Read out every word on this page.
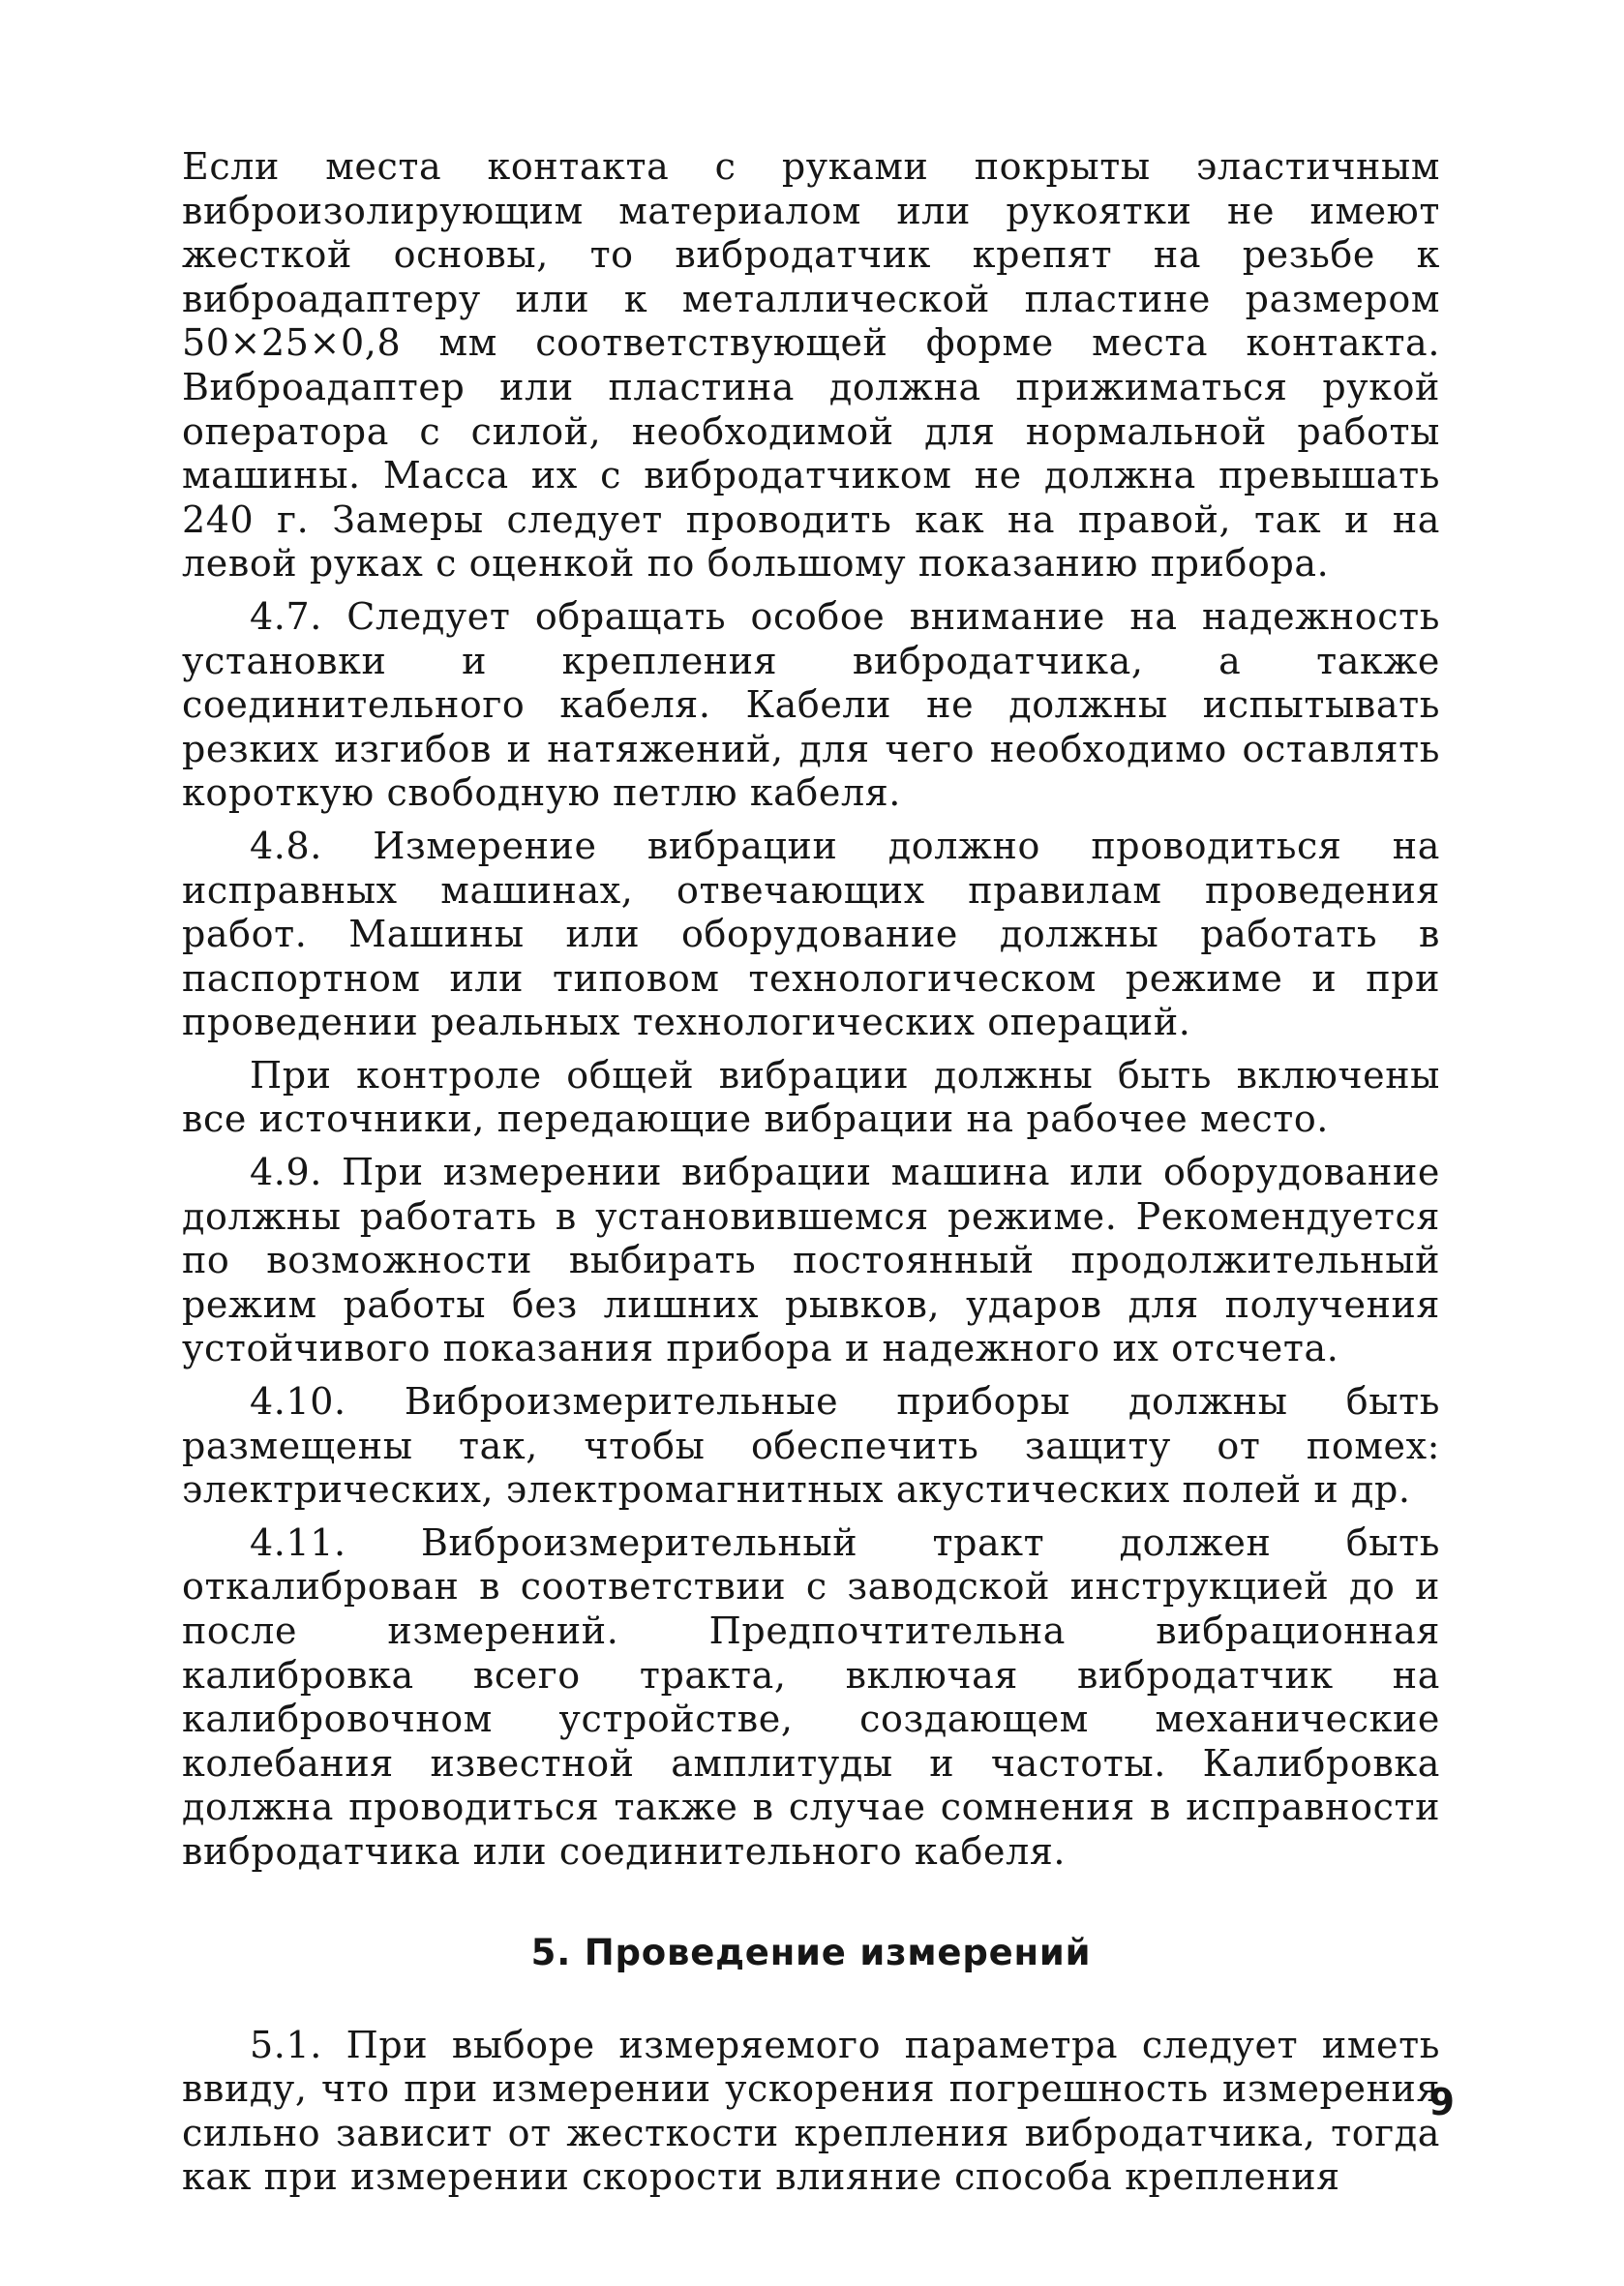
Если места контакта с руками покрыты эластичным виброизолирующим материалом или рукоятки не имеют жесткой основы, то вибродатчик крепят на резьбе к виброадаптеру или к металлической пластине размером 50×25×0,8 мм соответствующей форме места контакта. Виброадаптер или пластина должна прижиматься рукой оператора с силой, необходимой для нормальной работы машины. Масса их с вибродатчиком не должна превышать 240 г. Замеры следует проводить как на правой, так и на левой руках с оценкой по большому показанию прибора.

4.7. Следует обращать особое внимание на надежность установки и крепления вибродатчика, а также соединительного кабеля. Кабели не должны испытывать резких изгибов и натяжений, для чего необходимо оставлять короткую свободную петлю кабеля.

4.8. Измерение вибрации должно проводиться на исправных машинах, отвечающих правилам проведения работ. Машины или оборудование должны работать в паспортном или типовом технологическом режиме и при проведении реальных технологических операций.

При контроле общей вибрации должны быть включены все источники, передающие вибрации на рабочее место.

4.9. При измерении вибрации машина или оборудование должны работать в установившемся режиме. Рекомендуется по возможности выбирать постоянный продолжительный режим работы без лишних рывков, ударов для получения устойчивого показания прибора и надежного их отсчета.

4.10. Виброизмерительные приборы должны быть размещены так, чтобы обеспечить защиту от помех: электрических, электромагнитных акустических полей и др.

4.11. Виброизмерительный тракт должен быть откалиброван в соответствии с заводской инструкцией до и после измерений. Предпочтительна вибрационная калибровка всего тракта, включая вибродатчик на калибровочном устройстве, создающем механические колебания известной амплитуды и частоты. Калибровка должна проводиться также в случае сомнения в исправности вибродатчика или соединительного кабеля.

5. Проведение измерений

5.1. При выборе измеряемого параметра следует иметь ввиду, что при измерении ускорения погрешность измерения сильно зависит от жесткости крепления вибродатчика, тогда как при измерении скорости влияние способа крепления

9
